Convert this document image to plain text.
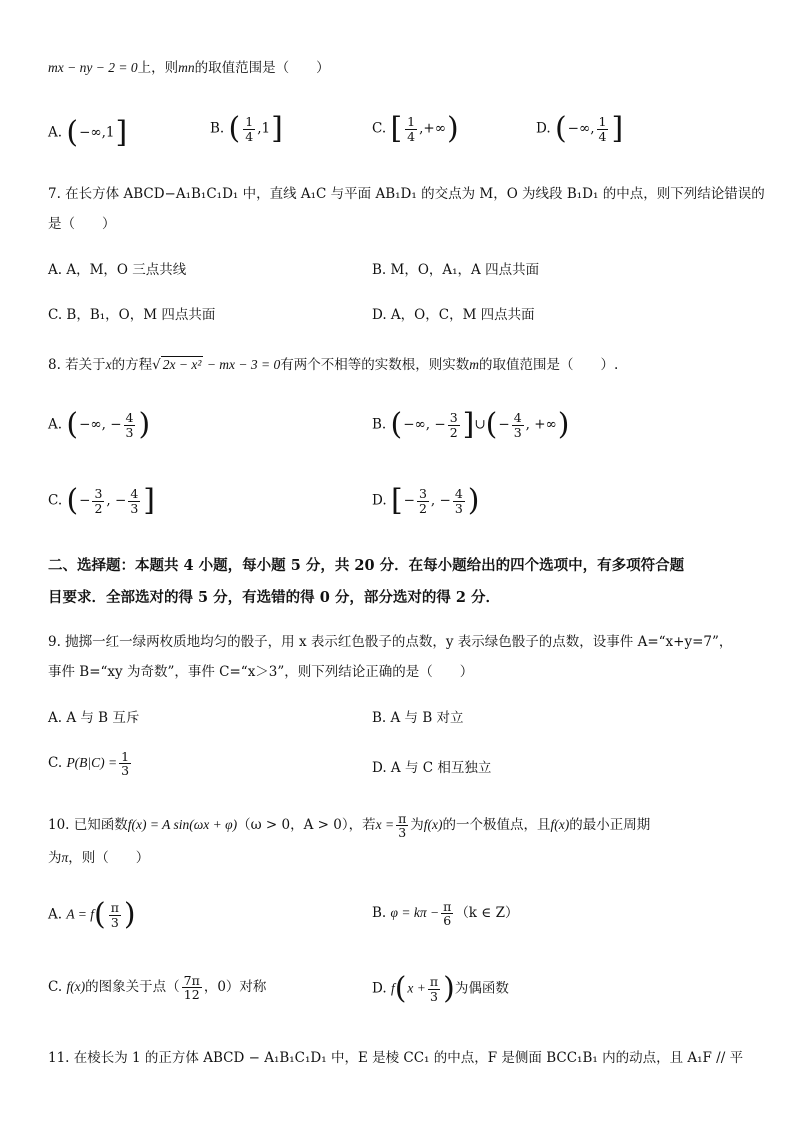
mx − ny − 2 = 0上，则mn的取值范围是（　　）
A. (−∞,1]	B. ( $\frac{1}{4} ,1$]	C. [ $\frac{1}{4}$ ,+∞)	D. (−∞, $\frac{1}{4}$ ]
7. 在长方体 ABCD−A₁B₁C₁D₁ 中，直线 A₁C 与平面 AB₁D₁ 的交点为 M，O 为线段 B₁D₁ 的中点，则下列结论错误的
是（　　）
A. A，M，O 三点共线	B. M，O，A₁，A 四点共面
C. B，B₁，O，M 四点共面	D. A，O，C，M 四点共面
8. 若关于x的方程√ 2x − x² − mx − 3 = 0有两个不相等的实数根，则实数m的取值范围是（　　）.
A. (−∞, − $\frac{4}{3}$ )	B. (−∞, − $\frac{3}{2}$ ]∪(− $\frac{4}{3}$ , +∞)
C. (− $\frac{3}{2}$ , − $\frac{4}{3}$ ]	D. [− $\frac{3}{2}$ , − $\frac{4}{3}$ )
二、选择题：本题共 4 小题，每小题 5 分，共 20 分．在每小题给出的四个选项中，有多项符合题
目要求．全部选对的得 5 分，有选错的得 0 分，部分选对的得 2 分．
9. 抛掷一红一绿两枚质地均匀的骰子，用 x 表示红色骰子的点数，y 表示绿色骰子的点数，设事件 A=“x+y=7”，
事件 B=“xy 为奇数”，事件 C=“x＞3”，则下列结论正确的是（　　）
A. A 与 B 互斥	B. A 与 B 对立
C. $P(B|C) = \frac{1}{3}$	D. A 与 C 相互独立
10. 已知函数f(x) = A sin(ωx + φ)（ω > 0，A > 0），若$x = \frac{\pi}{3}$ 为f(x)的一个极值点，且f(x)的最小正周期
为π，则（　　）
A. $A = f( \frac{\pi}{3}$ )	B. $\varphi = k\pi - \frac{\pi}{6} (k$ ∈ Z）
C. f(x)的图象关于点（ $\frac{7\pi}{12}$ ，0）对称	D. $f(x + \frac{\pi}{3}$ )为偶函数
11. 在棱长为 1 的正方体 ABCD − A₁B₁C₁D₁ 中，E 是棱 CC₁ 的中点，F 是侧面 BCC₁B₁ 内的动点，且 A₁F // 平
